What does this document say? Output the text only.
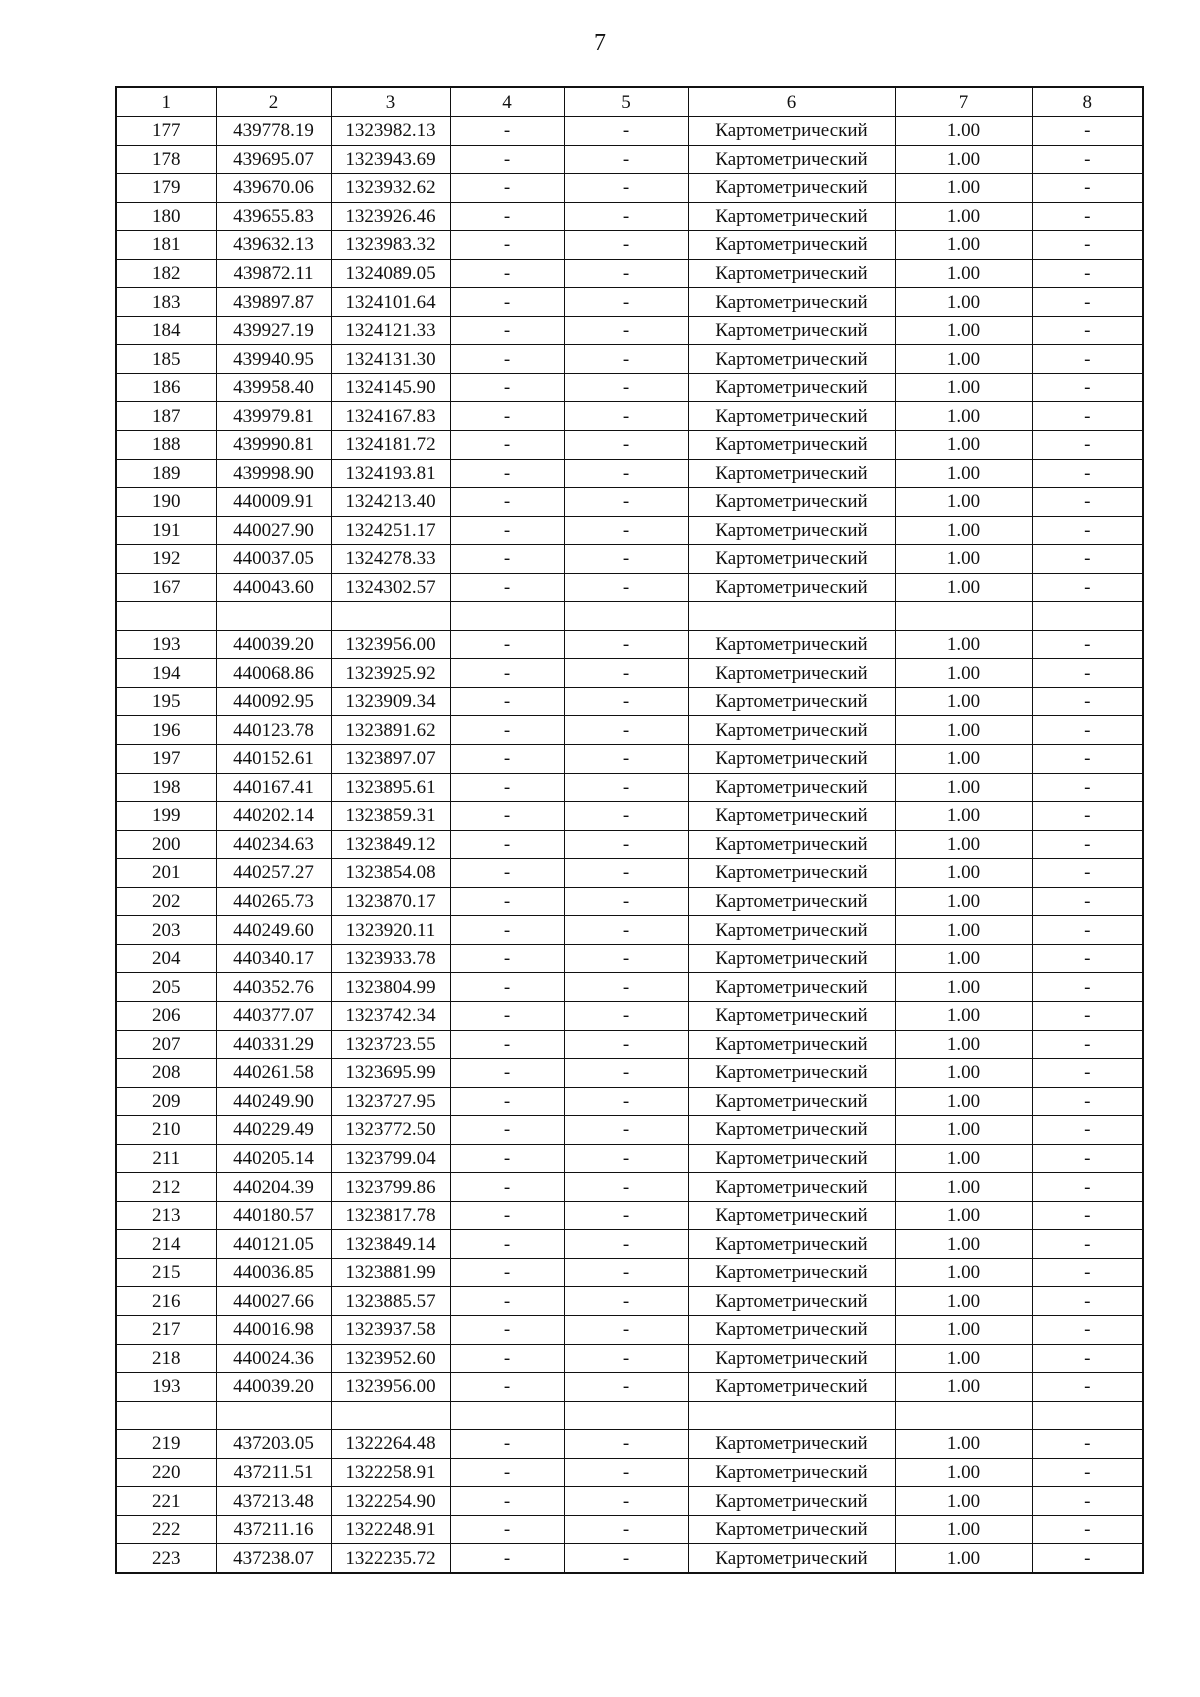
7
1	2	3	4	5	6	7	8
177	439778.19	1323982.13	-	-	Картометрический	1.00	-
178	439695.07	1323943.69	-	-	Картометрический	1.00	-
179	439670.06	1323932.62	-	-	Картометрический	1.00	-
180	439655.83	1323926.46	-	-	Картометрический	1.00	-
181	439632.13	1323983.32	-	-	Картометрический	1.00	-
182	439872.11	1324089.05	-	-	Картометрический	1.00	-
183	439897.87	1324101.64	-	-	Картометрический	1.00	-
184	439927.19	1324121.33	-	-	Картометрический	1.00	-
185	439940.95	1324131.30	-	-	Картометрический	1.00	-
186	439958.40	1324145.90	-	-	Картометрический	1.00	-
187	439979.81	1324167.83	-	-	Картометрический	1.00	-
188	439990.81	1324181.72	-	-	Картометрический	1.00	-
189	439998.90	1324193.81	-	-	Картометрический	1.00	-
190	440009.91	1324213.40	-	-	Картометрический	1.00	-
191	440027.90	1324251.17	-	-	Картометрический	1.00	-
192	440037.05	1324278.33	-	-	Картометрический	1.00	-
167	440043.60	1324302.57	-	-	Картометрический	1.00	-

193	440039.20	1323956.00	-	-	Картометрический	1.00	-
194	440068.86	1323925.92	-	-	Картометрический	1.00	-
195	440092.95	1323909.34	-	-	Картометрический	1.00	-
196	440123.78	1323891.62	-	-	Картометрический	1.00	-
197	440152.61	1323897.07	-	-	Картометрический	1.00	-
198	440167.41	1323895.61	-	-	Картометрический	1.00	-
199	440202.14	1323859.31	-	-	Картометрический	1.00	-
200	440234.63	1323849.12	-	-	Картометрический	1.00	-
201	440257.27	1323854.08	-	-	Картометрический	1.00	-
202	440265.73	1323870.17	-	-	Картометрический	1.00	-
203	440249.60	1323920.11	-	-	Картометрический	1.00	-
204	440340.17	1323933.78	-	-	Картометрический	1.00	-
205	440352.76	1323804.99	-	-	Картометрический	1.00	-
206	440377.07	1323742.34	-	-	Картометрический	1.00	-
207	440331.29	1323723.55	-	-	Картометрический	1.00	-
208	440261.58	1323695.99	-	-	Картометрический	1.00	-
209	440249.90	1323727.95	-	-	Картометрический	1.00	-
210	440229.49	1323772.50	-	-	Картометрический	1.00	-
211	440205.14	1323799.04	-	-	Картометрический	1.00	-
212	440204.39	1323799.86	-	-	Картометрический	1.00	-
213	440180.57	1323817.78	-	-	Картометрический	1.00	-
214	440121.05	1323849.14	-	-	Картометрический	1.00	-
215	440036.85	1323881.99	-	-	Картометрический	1.00	-
216	440027.66	1323885.57	-	-	Картометрический	1.00	-
217	440016.98	1323937.58	-	-	Картометрический	1.00	-
218	440024.36	1323952.60	-	-	Картометрический	1.00	-
193	440039.20	1323956.00	-	-	Картометрический	1.00	-

219	437203.05	1322264.48	-	-	Картометрический	1.00	-
220	437211.51	1322258.91	-	-	Картометрический	1.00	-
221	437213.48	1322254.90	-	-	Картометрический	1.00	-
222	437211.16	1322248.91	-	-	Картометрический	1.00	-
223	437238.07	1322235.72	-	-	Картометрический	1.00	-
